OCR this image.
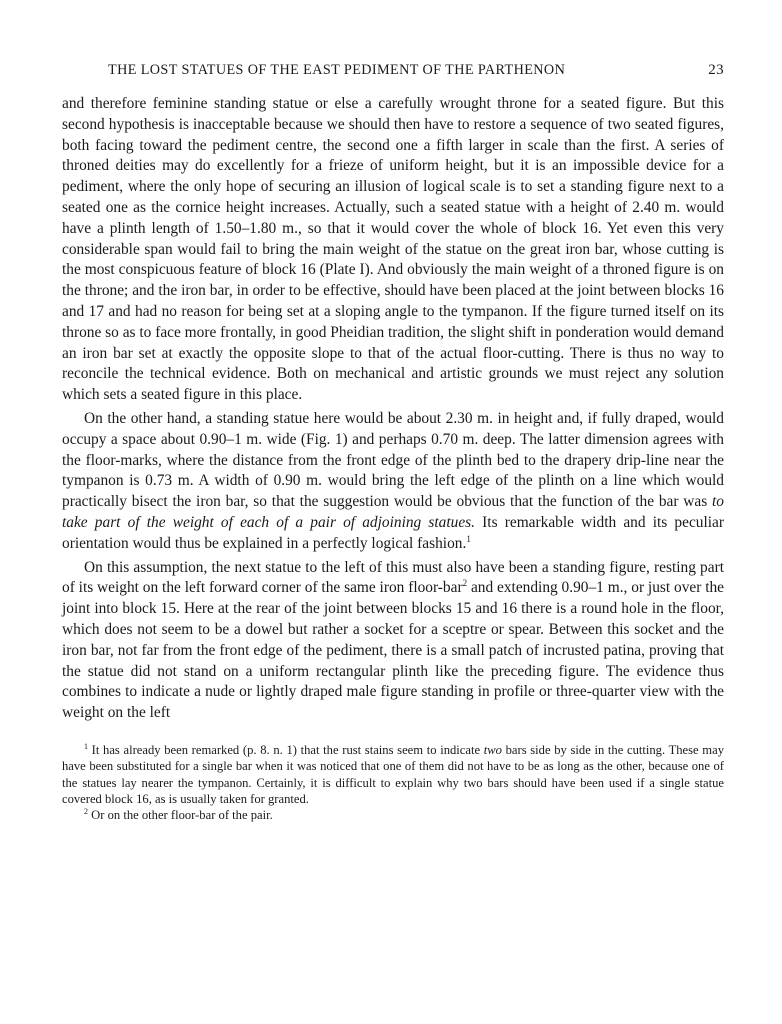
THE LOST STATUES OF THE EAST PEDIMENT OF THE PARTHENON	23

and therefore feminine standing statue or else a carefully wrought throne for a seated figure. But this second hypothesis is inacceptable because we should then have to restore a sequence of two seated figures, both facing toward the pediment centre, the second one a fifth larger in scale than the first. A series of throned deities may do excellently for a frieze of uniform height, but it is an impossible device for a pediment, where the only hope of securing an illusion of logical scale is to set a standing figure next to a seated one as the cornice height increases. Actually, such a seated statue with a height of 2.40 m. would have a plinth length of 1.50–1.80 m., so that it would cover the whole of block 16. Yet even this very considerable span would fail to bring the main weight of the statue on the great iron bar, whose cutting is the most conspicuous feature of block 16 (Plate I). And obviously the main weight of a throned figure is on the throne; and the iron bar, in order to be effective, should have been placed at the joint between blocks 16 and 17 and had no reason for being set at a sloping angle to the tympanon. If the figure turned itself on its throne so as to face more frontally, in good Pheidian tradition, the slight shift in ponderation would demand an iron bar set at exactly the opposite slope to that of the actual floor-cutting. There is thus no way to reconcile the technical evidence. Both on mechanical and artistic grounds we must reject any solution which sets a seated figure in this place.

On the other hand, a standing statue here would be about 2.30 m. in height and, if fully draped, would occupy a space about 0.90–1 m. wide (Fig. 1) and perhaps 0.70 m. deep. The latter dimension agrees with the floor-marks, where the distance from the front edge of the plinth bed to the drapery drip-line near the tympanon is 0.73 m. A width of 0.90 m. would bring the left edge of the plinth on a line which would practically bisect the iron bar, so that the suggestion would be obvious that the function of the bar was to take part of the weight of each of a pair of adjoining statues. Its remarkable width and its peculiar orientation would thus be explained in a perfectly logical fashion.$^1$

On this assumption, the next statue to the left of this must also have been a standing figure, resting part of its weight on the left forward corner of the same iron floor-bar$^2$ and extending 0.90–1 m., or just over the joint into block 15. Here at the rear of the joint between blocks 15 and 16 there is a round hole in the floor, which does not seem to be a dowel but rather a socket for a sceptre or spear. Between this socket and the iron bar, not far from the front edge of the pediment, there is a small patch of incrusted patina, proving that the statue did not stand on a uniform rectangular plinth like the preceding figure. The evidence thus combines to indicate a nude or lightly draped male figure standing in profile or three-quarter view with the weight on the left

$^1$ It has already been remarked (p. 8. n. 1) that the rust stains seem to indicate two bars side by side in the cutting. These may have been substituted for a single bar when it was noticed that one of them did not have to be as long as the other, because one of the statues lay nearer the tympanon. Certainly, it is difficult to explain why two bars should have been used if a single statue covered block 16, as is usually taken for granted.

$^2$ Or on the other floor-bar of the pair.
